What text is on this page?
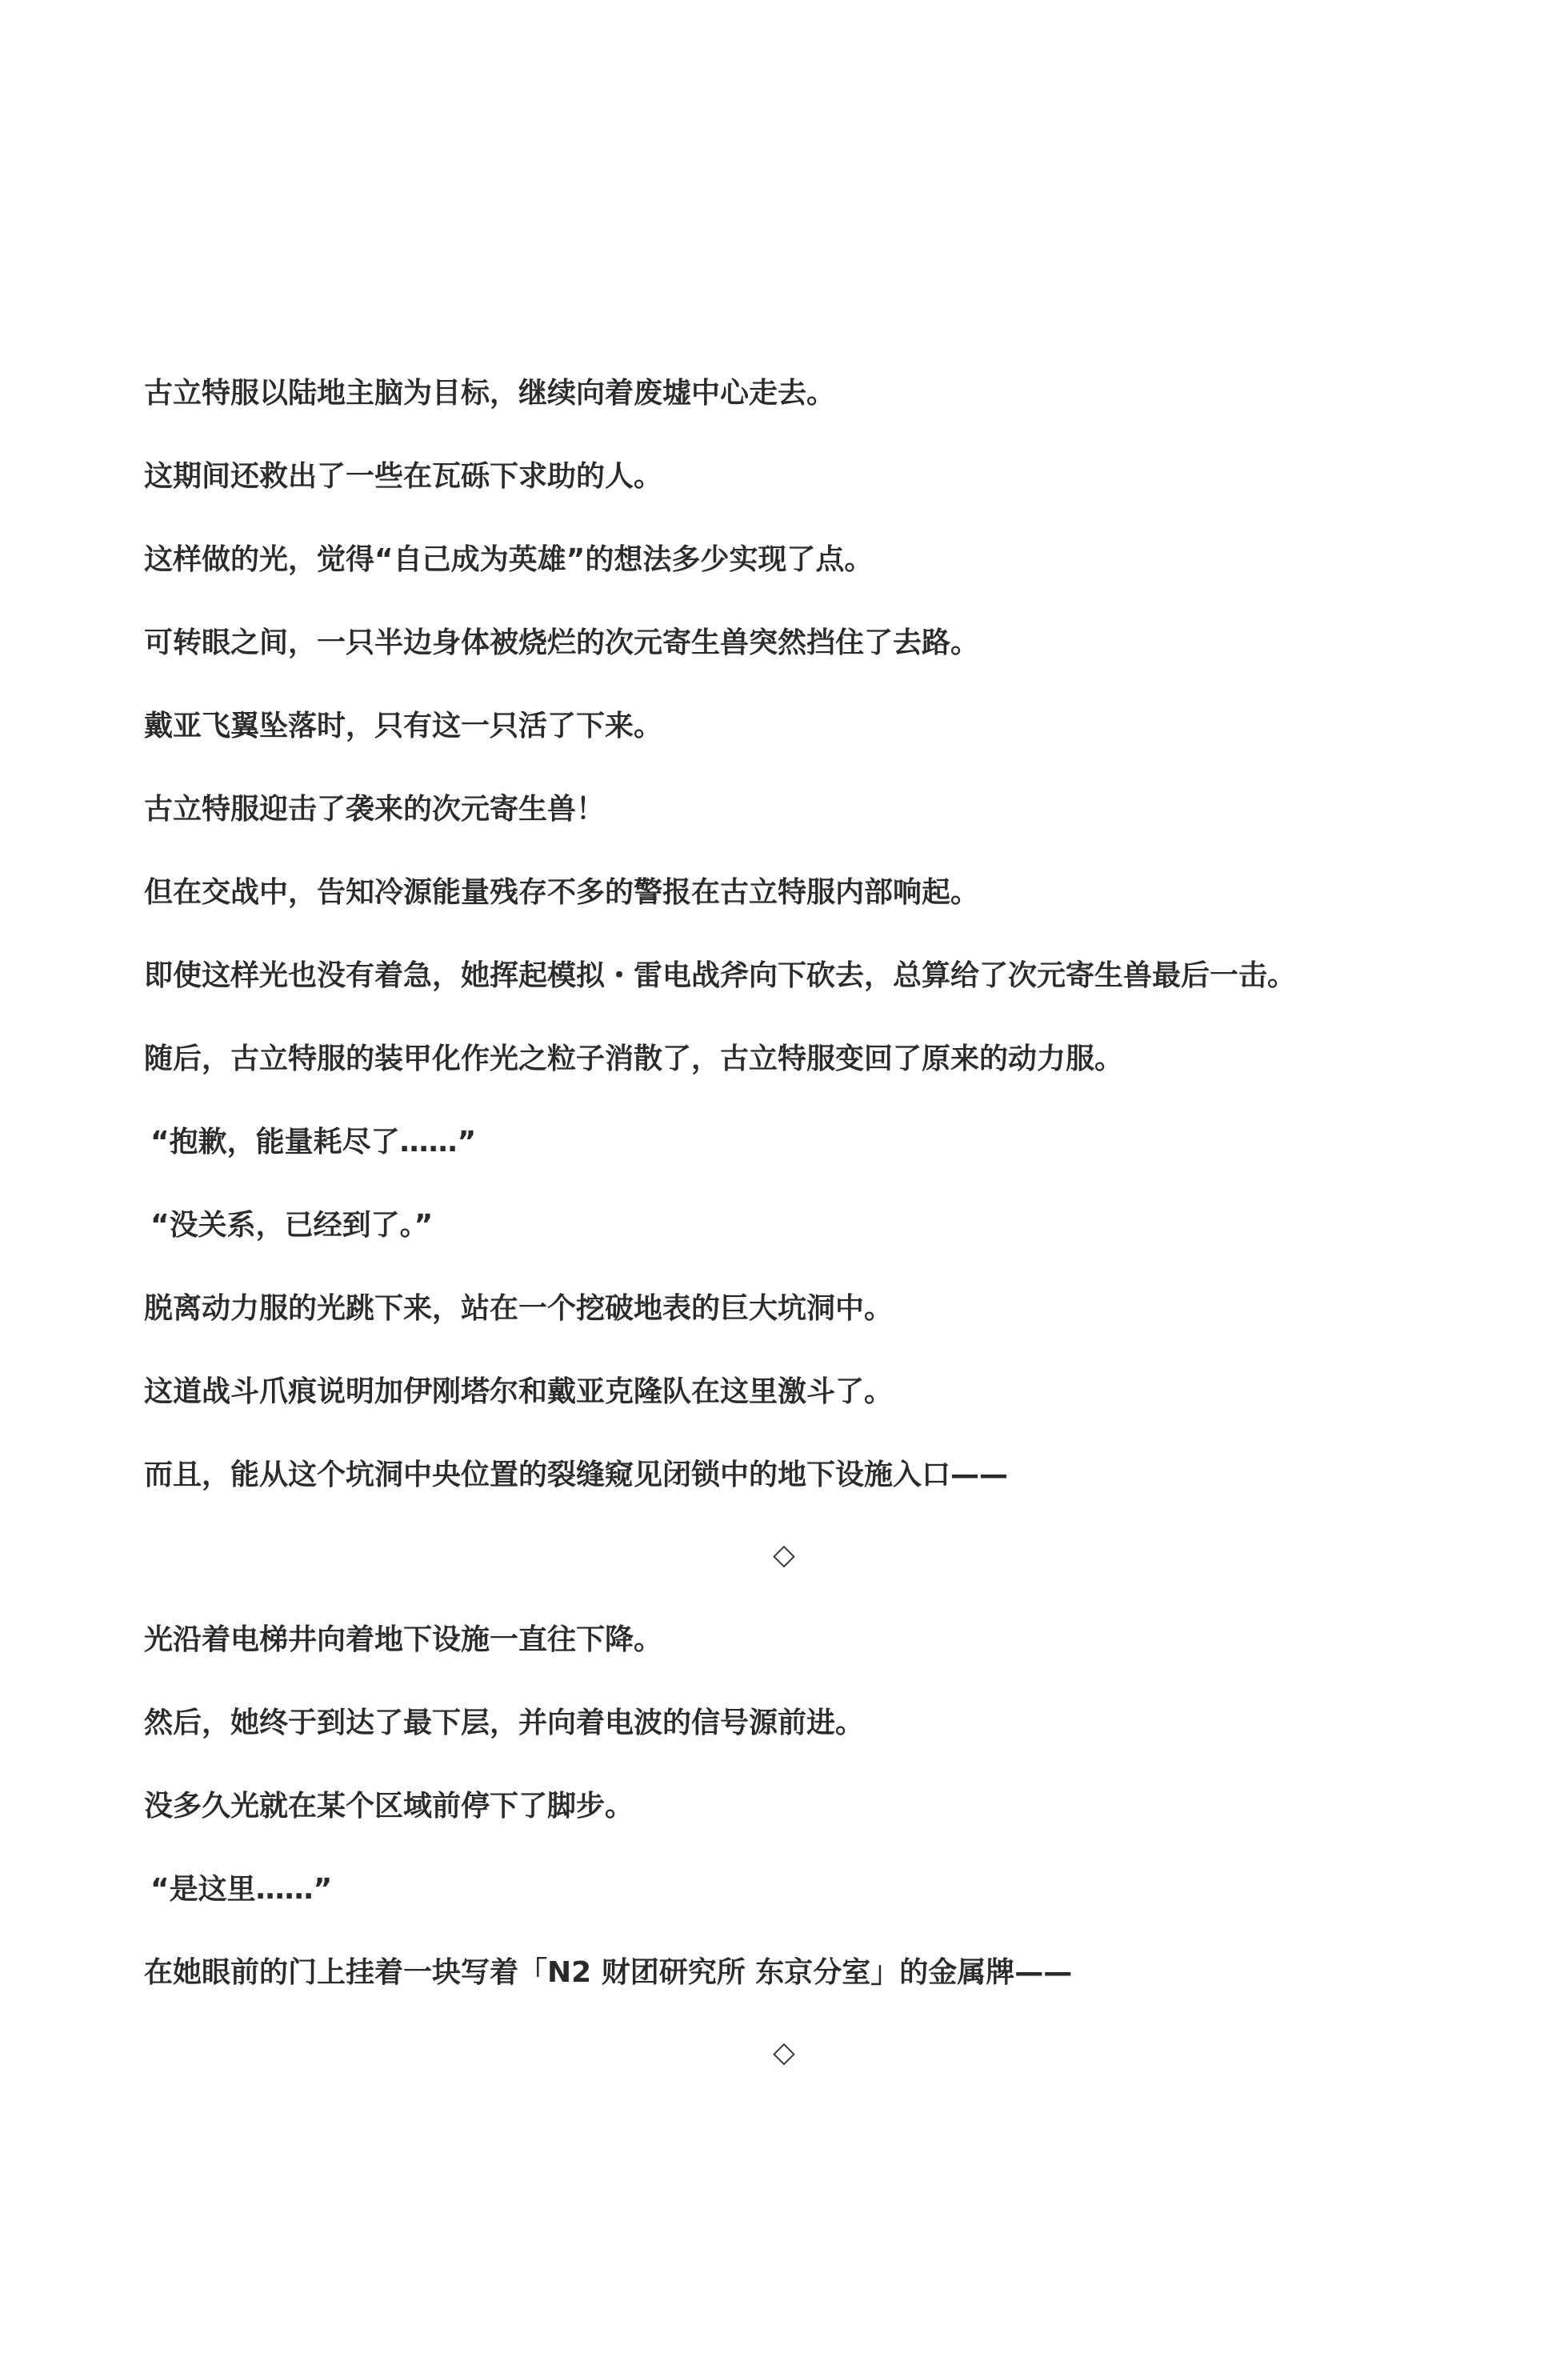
古立特服以陆地主脑为目标，继续向着废墟中心走去。
这期间还救出了一些在瓦砾下求助的人。
这样做的光，觉得“自己成为英雄”的想法多少实现了点。
可转眼之间，一只半边身体被烧烂的次元寄生兽突然挡住了去路。
戴亚飞翼坠落时，只有这一只活了下来。
古立特服迎击了袭来的次元寄生兽！
但在交战中，告知冷源能量残存不多的警报在古立特服内部响起。
即使这样光也没有着急，她挥起模拟・雷电战斧向下砍去，总算给了次元寄生兽最后一击。
随后，古立特服的装甲化作光之粒子消散了，古立特服变回了原来的动力服。
“抱歉，能量耗尽了……”
“没关系，已经到了。”
脱离动力服的光跳下来，站在一个挖破地表的巨大坑洞中。
这道战斗爪痕说明加伊刚塔尔和戴亚克隆队在这里激斗了。
而且，能从这个坑洞中央位置的裂缝窥见闭锁中的地下设施入口——
◇
光沿着电梯井向着地下设施一直往下降。
然后，她终于到达了最下层，并向着电波的信号源前进。
没多久光就在某个区域前停下了脚步。
“是这里……”
在她眼前的门上挂着一块写着「N2 财团研究所 东京分室」的金属牌——
◇
